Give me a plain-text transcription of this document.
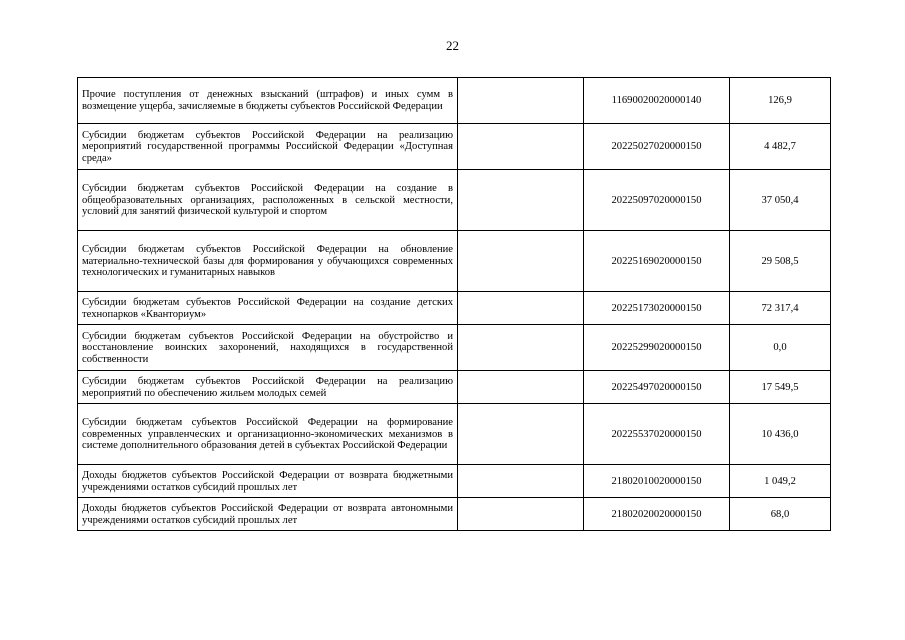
22
Прочие поступления от денежных взысканий (штрафов) и иных сумм в возмещение ущерба, зачисляемые в бюджеты субъектов Российской Федерации		11690020020000140	126,9
Субсидии бюджетам субъектов Российской Федерации на реализацию мероприятий государственной программы Российской Федерации «Доступная среда»		20225027020000150	4 482,7
Субсидии бюджетам субъектов Российской Федерации на создание в общеобразовательных организациях, расположенных в сельской местности, условий для занятий физической культурой и спортом		20225097020000150	37 050,4
Субсидии бюджетам субъектов Российской Федерации на обновление материально-технической базы для формирования у обучающихся современных технологических и гуманитарных навыков		20225169020000150	29 508,5
Субсидии бюджетам субъектов Российской Федерации на создание детских технопарков «Кванториум»		20225173020000150	72 317,4
Субсидии бюджетам субъектов Российской Федерации на обустройство и восстановление воинских захоронений, находящихся в государственной собственности		20225299020000150	0,0
Субсидии бюджетам субъектов Российской Федерации на реализацию мероприятий по обеспечению жильем молодых семей		20225497020000150	17 549,5
Субсидии бюджетам субъектов Российской Федерации на формирование современных управленческих и организационно-экономических механизмов в системе дополнительного образования детей в субъектах Российской Федерации		20225537020000150	10 436,0
Доходы бюджетов субъектов Российской Федерации от возврата бюджетными учреждениями остатков субсидий прошлых лет		21802010020000150	1 049,2
Доходы бюджетов субъектов Российской Федерации от возврата автономными учреждениями остатков субсидий прошлых лет		21802020020000150	68,0
